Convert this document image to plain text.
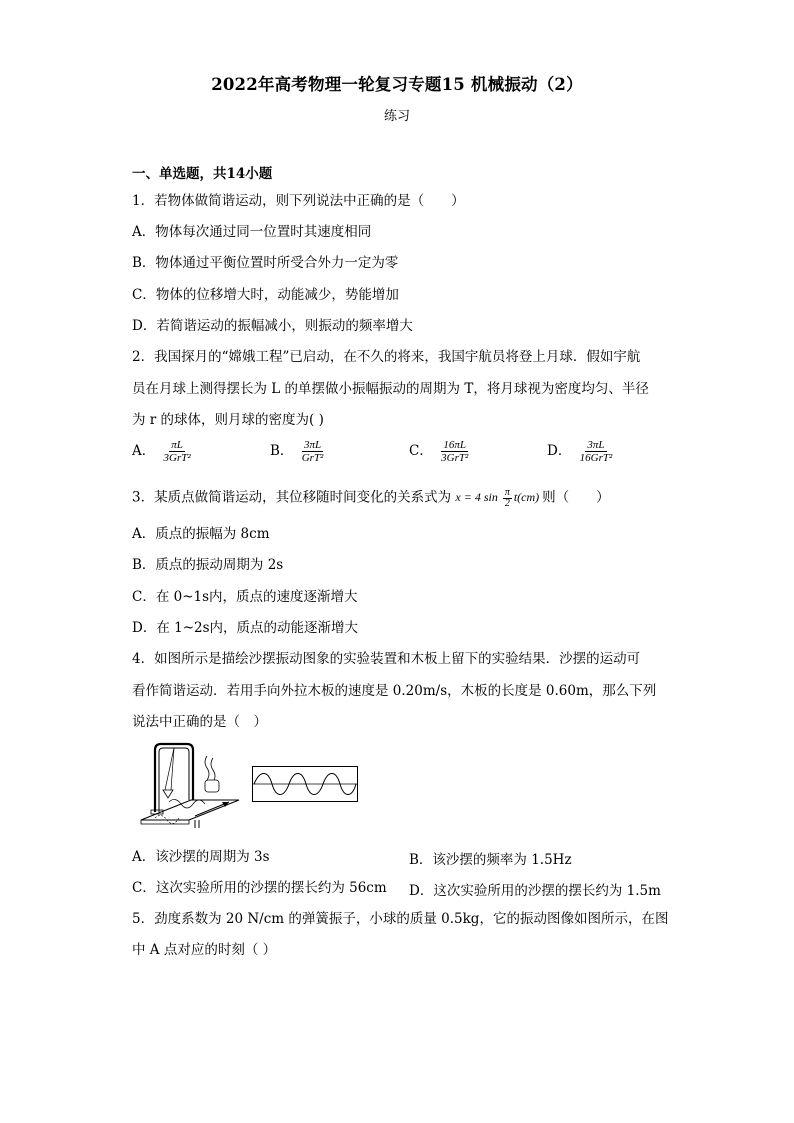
2022年高考物理一轮复习专题15 机械振动（2）
练习
一、单选题，共14小题
1．若物体做简谐运动，则下列说法中正确的是（　　）
A．物体每次通过同一位置时其速度相同
B．物体通过平衡位置时所受合外力一定为零
C．物体的位移增大时，动能减少，势能增加
D．若简谐运动的振幅减小，则振动的频率增大
2．我国探月的“嫦娥工程”已启动，在不久的将来，我国宇航员将登上月球．假如宇航
员在月球上测得摆长为 L 的单摆做小振幅振动的周期为 T，将月球视为密度均匀、半径
为 r 的球体，则月球的密度为( )
A． $\frac{\pi L}{\text{3GrT²}}$	B． $\frac{3\pi L}{\text{GrT²}}$	C． $\frac{16\pi L}{\text{3GrT²}}$	D． $\frac{3\pi L}{\text{16GrT²}}$
3．某质点做简谐运动，其位移随时间变化的关系式为 x = 4 $\sin \frac{\pi}{2} t(cm)$ 则（　　）
A．质点的振幅为 8cm
B．质点的振动周期为 2s
C．在 0~1s内，质点的速度逐渐增大
D．在 1~2s内，质点的动能逐渐增大
4．如图所示是描绘沙摆振动图象的实验装置和木板上留下的实验结果．沙摆的运动可
看作简谐运动．若用手向外拉木板的速度是 0.20m/s，木板的长度是 0.60m，那么下列
说法中正确的是（　）
A．该沙摆的周期为 3s	B．该沙摆的频率为 1.5Hz
C．这次实验所用的沙摆的摆长约为 56cm D．这次实验所用的沙摆的摆长约为 1.5m
5．劲度系数为 20 N/cm 的弹簧振子，小球的质量 0.5kg，它的振动图像如图所示，在图
中 A 点对应的时刻（ ）
